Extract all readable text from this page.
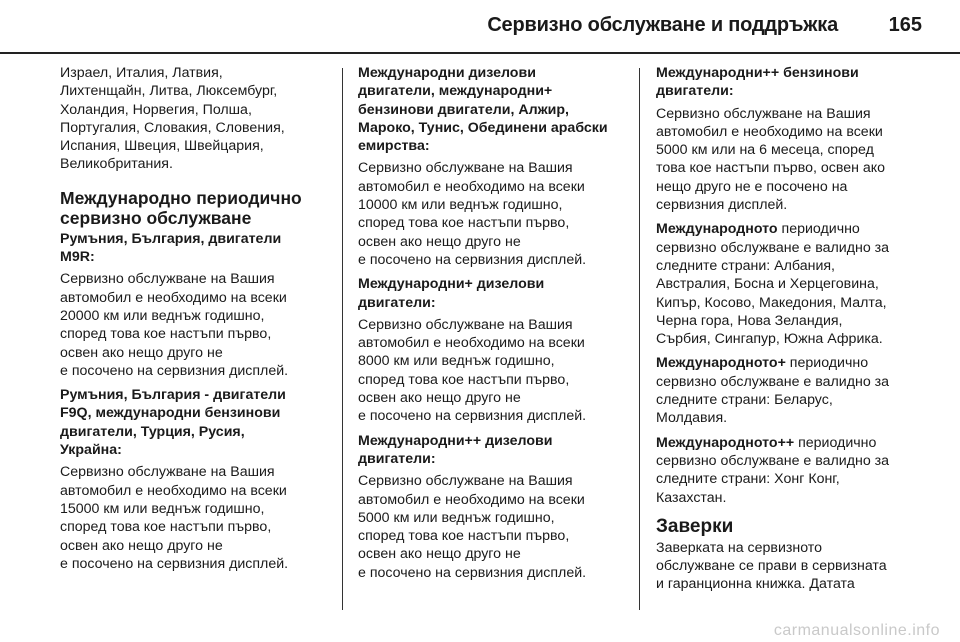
Сервизно обслужване и поддръжка	165

Израел, Италия, Латвия,
Лихтенщайн, Литва, Люксембург,
Холандия, Норвегия, Полша,
Португалия, Словакия, Словения,
Испания, Швеция, Швейцария,
Великобритания.

Международно периодично
сервизно обслужване
Румъния, България, двигатели
M9R:

Сервизно обслужване на Вашия
автомобил е необходимо на всеки
20000 км или веднъж годишно,
според това кое настъпи първо,
освен ако нещо друго не
е посочено на сервизния дисплей.

Румъния, България - двигатели
F9Q, международни бензинови
двигатели, Турция, Русия,
Украйна:

Сервизно обслужване на Вашия
автомобил е необходимо на всеки
15000 км или веднъж годишно,
според това кое настъпи първо,
освен ако нещо друго не
е посочено на сервизния дисплей.

Международни дизелови
двигатели, международни+
бензинови двигатели, Алжир,
Мароко, Тунис, Обединени арабски
емирства:

Сервизно обслужване на Вашия
автомобил е необходимо на всеки
10000 км или веднъж годишно,
според това кое настъпи първо,
освен ако нещо друго не
е посочено на сервизния дисплей.

Международни+ дизелови
двигатели:

Сервизно обслужване на Вашия
автомобил е необходимо на всеки
8000 км или веднъж годишно,
според това кое настъпи първо,
освен ако нещо друго не
е посочено на сервизния дисплей.

Международни++ дизелови
двигатели:

Сервизно обслужване на Вашия
автомобил е необходимо на всеки
5000 км или веднъж годишно,
според това кое настъпи първо,
освен ако нещо друго не
е посочено на сервизния дисплей.

Международни++ бензинови
двигатели:

Сервизно обслужване на Вашия
автомобил е необходимо на всеки
5000 км или на 6 месеца, според
това кое настъпи първо, освен ако
нещо друго не е посочено на
сервизния дисплей.

Международното периодично
сервизно обслужване е валидно за
следните страни: Албания,
Австралия, Босна и Херцеговина,
Кипър, Косово, Македония, Малта,
Черна гора, Нова Зеландия,
Сърбия, Сингапур, Южна Африка.

Международното+ периодично
сервизно обслужване е валидно за
следните страни: Беларус,
Молдавия.

Международното++ периодично
сервизно обслужване е валидно за
следните страни: Хонг Конг,
Казахстан.

Заверки

Заверката на сервизното
обслужване се прави в сервизната
и гаранционна книжка. Датата

carmanualsonline.info
